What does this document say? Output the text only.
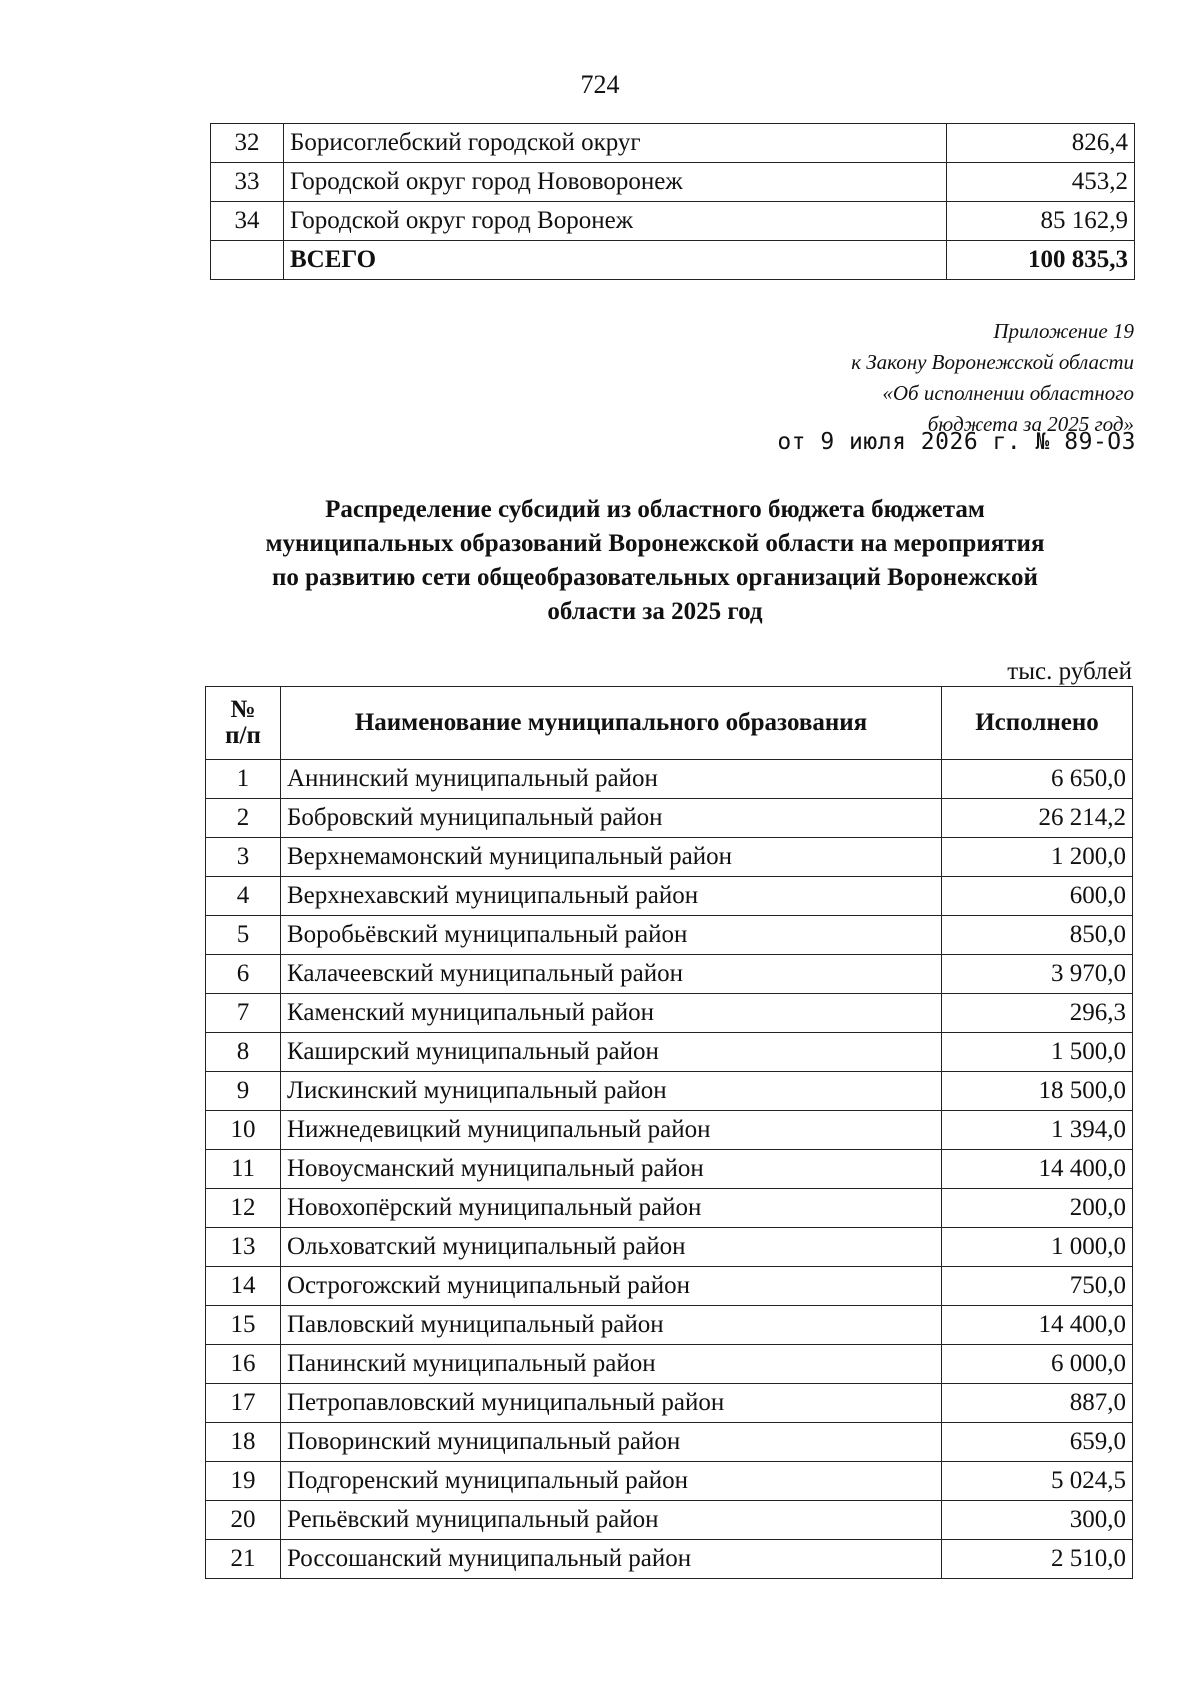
724
32	Борисоглебский городской округ	826,4
33	Городской округ город Нововоронеж	453,2
34	Городской округ город Воронеж	85 162,9
	ВСЕГО	100 835,3
Приложение 19
к Закону Воронежской области
«Об исполнении областного
бюджета за 2025 год»
от 9 июля 2026 г. № 89-ОЗ
Распределение субсидий из областного бюджета бюджетам
муниципальных образований Воронежской области на мероприятия
по развитию сети общеобразовательных организаций Воронежской
области за 2025 год
тыс. рублей
№
п/п	Наименование муниципального образования	Исполнено
1	Аннинский муниципальный район	6 650,0
2	Бобровский муниципальный район	26 214,2
3	Верхнемамонский муниципальный район	1 200,0
4	Верхнехавский муниципальный район	600,0
5	Воробьёвский муниципальный район	850,0
6	Калачеевский муниципальный район	3 970,0
7	Каменский муниципальный район	296,3
8	Каширский муниципальный район	1 500,0
9	Лискинский муниципальный район	18 500,0
10	Нижнедевицкий муниципальный район	1 394,0
11	Новоусманский муниципальный район	14 400,0
12	Новохопёрский муниципальный район	200,0
13	Ольховатский муниципальный район	1 000,0
14	Острогожский муниципальный район	750,0
15	Павловский муниципальный район	14 400,0
16	Панинский муниципальный район	6 000,0
17	Петропавловский муниципальный район	887,0
18	Поворинский муниципальный район	659,0
19	Подгоренский муниципальный район	5 024,5
20	Репьёвский муниципальный район	300,0
21	Россошанский муниципальный район	2 510,0
